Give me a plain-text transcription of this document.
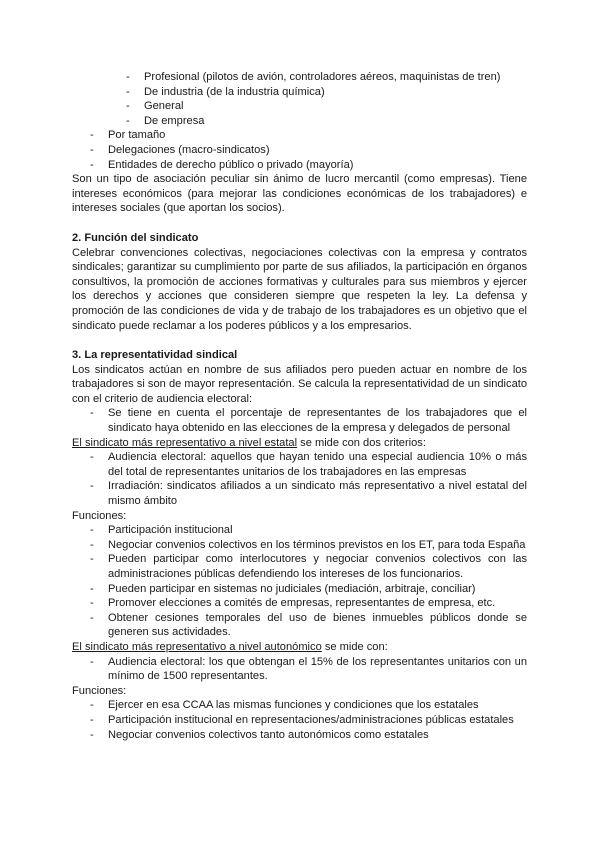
- Profesional (pilotos de avión, controladores aéreos, maquinistas de tren)
- De industria (de la industria química)
- General
- De empresa
- Por tamaño
- Delegaciones (macro-sindicatos)
- Entidades de derecho público o privado (mayoría)

Son un tipo de asociación peculiar sin ánimo de lucro mercantil (como empresas). Tiene intereses económicos (para mejorar las condiciones económicas de los trabajadores) e intereses sociales (que aportan los socios).

2. Función del sindicato

Celebrar convenciones colectivas, negociaciones colectivas con la empresa y contratos sindicales; garantizar su cumplimiento por parte de sus afiliados, la participación en órganos consultivos, la promoción de acciones formativas y culturales para sus miembros y ejercer los derechos y acciones que consideren siempre que respeten la ley. La defensa y promoción de las condiciones de vida y de trabajo de los trabajadores es un objetivo que el sindicato puede reclamar a los poderes públicos y a los empresarios.

3. La representatividad sindical

Los sindicatos actúan en nombre de sus afiliados pero pueden actuar en nombre de los trabajadores si son de mayor representación. Se calcula la representatividad de un sindicato con el criterio de audiencia electoral:

- Se tiene en cuenta el porcentaje de representantes de los trabajadores que el sindicato haya obtenido en las elecciones de la empresa y delegados de personal
El sindicato más representativo a nivel estatal se mide con dos criterios:
- Audiencia electoral: aquellos que hayan tenido una especial audiencia 10% o más del total de representantes unitarios de los trabajadores en las empresas
- Irradiación: sindicatos afiliados a un sindicato más representativo a nivel estatal del mismo ámbito
Funciones:
- Participación institucional
- Negociar convenios colectivos en los términos previstos en los ET, para toda España
- Pueden participar como interlocutores y negociar convenios colectivos con las administraciones públicas defendiendo los intereses de los funcionarios.
- Pueden participar en sistemas no judiciales (mediación, arbitraje, conciliar)
- Promover elecciones a comités de empresas, representantes de empresa, etc.
- Obtener cesiones temporales del uso de bienes inmuebles públicos donde se generen sus actividades.
El sindicato más representativo a nivel autonómico se mide con:
- Audiencia electoral: los que obtengan el 15% de los representantes unitarios con un mínimo de 1500 representantes.
Funciones:
- Ejercer en esa CCAA las mismas funciones y condiciones que los estatales
- Participación institucional en representaciones/administraciones públicas estatales
- Negociar convenios colectivos tanto autonómicos como estatales
